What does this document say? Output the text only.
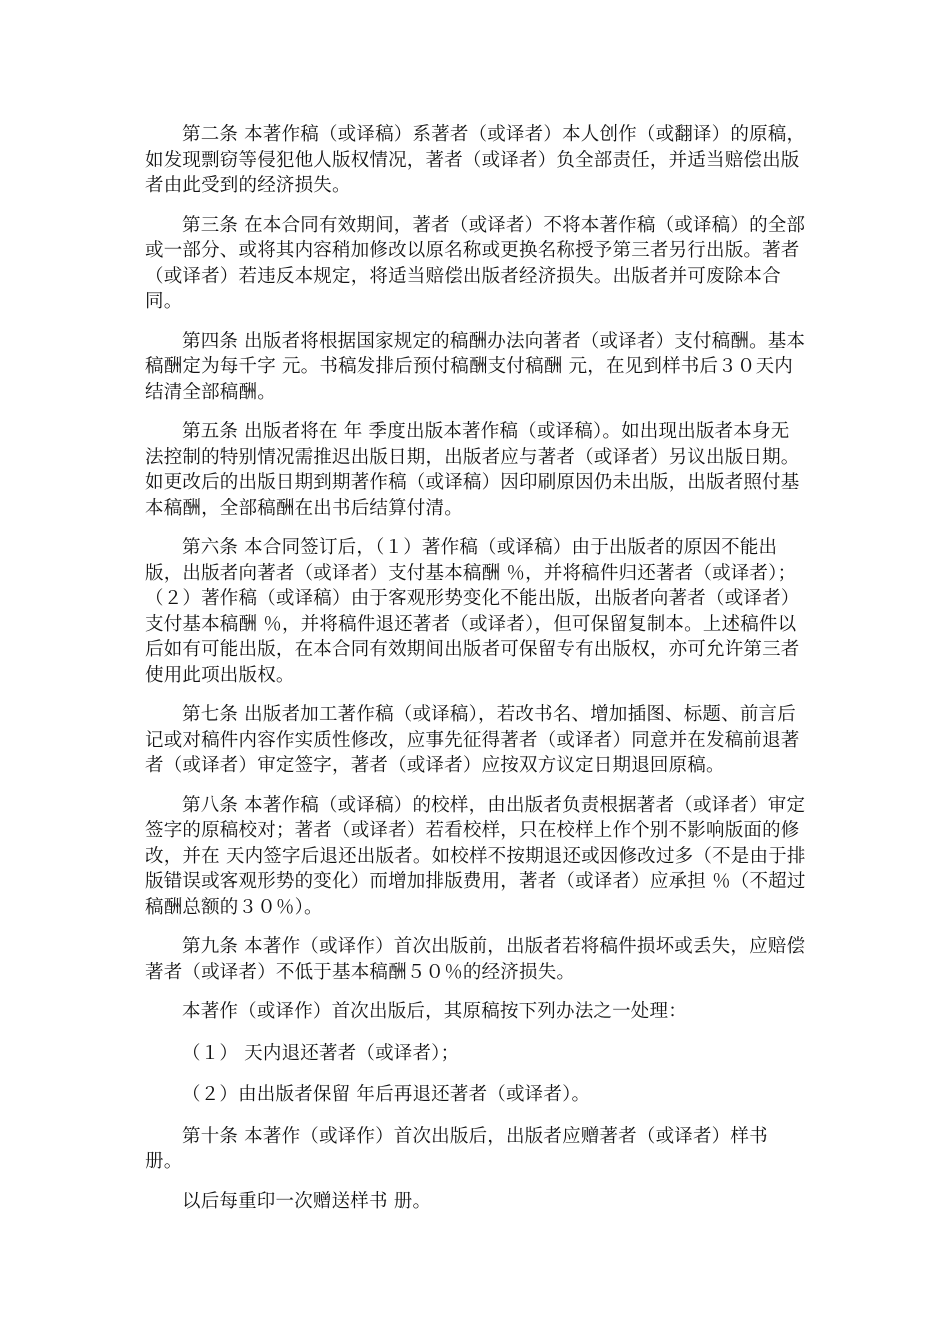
第二条 本著作稿（或译稿）系著者（或译者）本人创作（或翻译）的原稿，如发现剽窃等侵犯他人版权情况，著者（或译者）负全部责任，并适当赔偿出版者由此受到的经济损失。

第三条 在本合同有效期间，著者（或译者）不将本著作稿（或译稿）的全部或一部分、或将其内容稍加修改以原名称或更换名称授予第三者另行出版。著者（或译者）若违反本规定，将适当赔偿出版者经济损失。出版者并可废除本合同。

第四条 出版者将根据国家规定的稿酬办法向著者（或译者）支付稿酬。基本稿酬定为每千字 元。书稿发排后预付稿酬支付稿酬 元，在见到样书后３０天内结清全部稿酬。

第五条 出版者将在 年 季度出版本著作稿（或译稿）。如出现出版者本身无法控制的特别情况需推迟出版日期，出版者应与著者（或译者）另议出版日期。如更改后的出版日期到期著作稿（或译稿）因印刷原因仍未出版，出版者照付基本稿酬，全部稿酬在出书后结算付清。

第六条 本合同签订后，（１）著作稿（或译稿）由于出版者的原因不能出版，出版者向著者（或译者）支付基本稿酬 ％，并将稿件归还著者（或译者）；（２）著作稿（或译稿）由于客观形势变化不能出版，出版者向著者（或译者）支付基本稿酬 ％，并将稿件退还著者（或译者），但可保留复制本。上述稿件以后如有可能出版，在本合同有效期间出版者可保留专有出版权，亦可允许第三者使用此项出版权。

第七条 出版者加工著作稿（或译稿），若改书名、增加插图、标题、前言后记或对稿件内容作实质性修改，应事先征得著者（或译者）同意并在发稿前退著者（或译者）审定签字，著者（或译者）应按双方议定日期退回原稿。

第八条 本著作稿（或译稿）的校样，由出版者负责根据著者（或译者）审定签字的原稿校对；著者（或译者）若看校样，只在校样上作个别不影响版面的修改，并在 天内签字后退还出版者。如校样不按期退还或因修改过多（不是由于排版错误或客观形势的变化）而增加排版费用，著者（或译者）应承担 ％（不超过稿酬总额的３０％）。

第九条 本著作（或译作）首次出版前，出版者若将稿件损坏或丢失，应赔偿著者（或译者）不低于基本稿酬５０％的经济损失。

本著作（或译作）首次出版后，其原稿按下列办法之一处理：

（１） 天内退还著者（或译者）；

（２）由出版者保留 年后再退还著者（或译者）。

第十条 本著作（或译作）首次出版后，出版者应赠著者（或译者）样书 册。

以后每重印一次赠送样书 册。
